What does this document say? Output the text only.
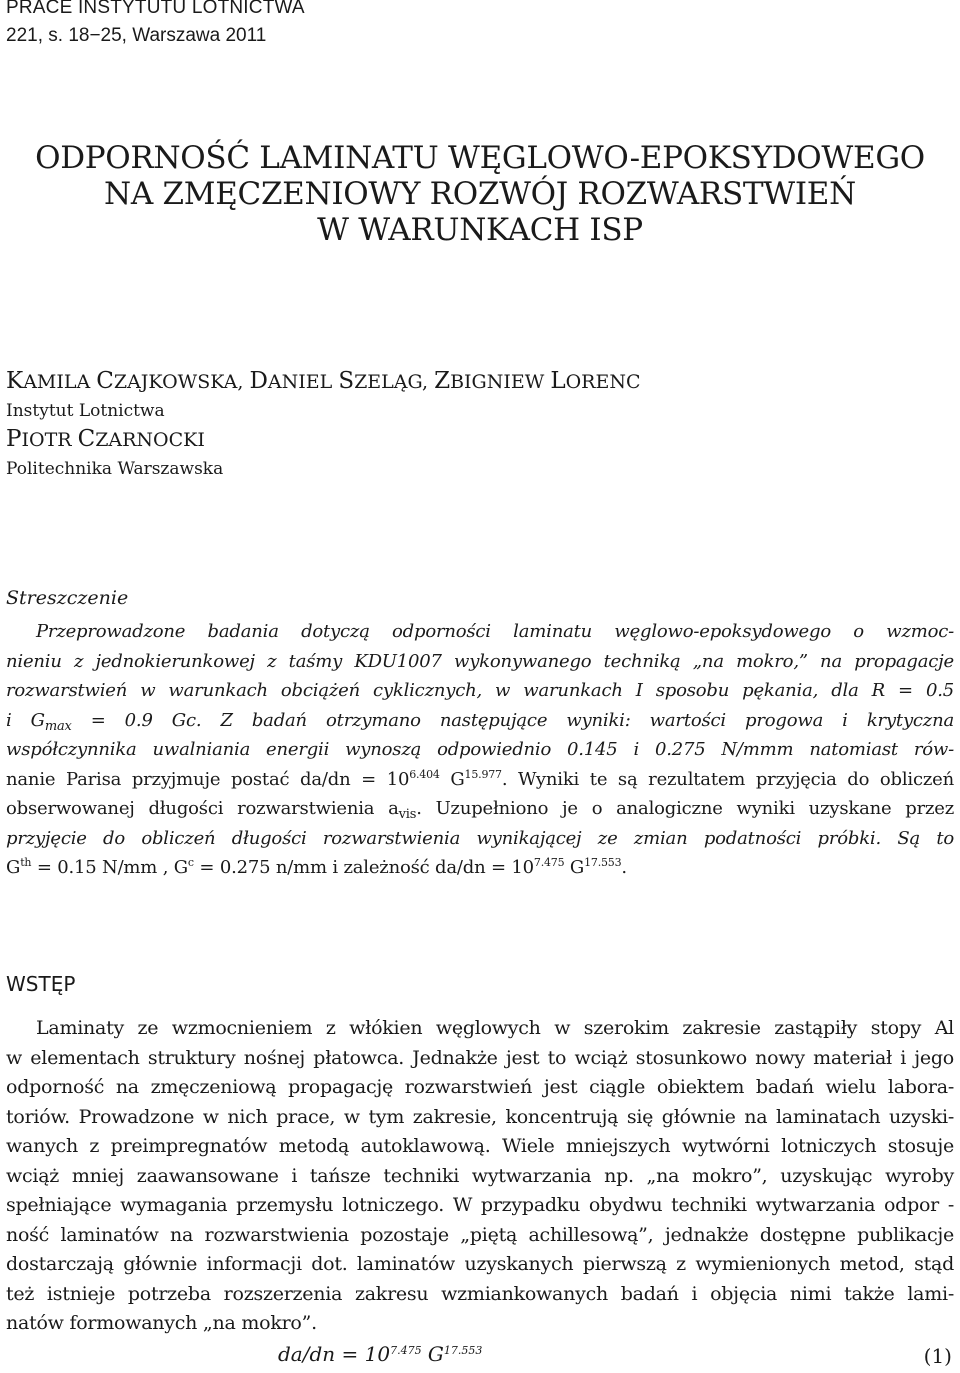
PRACE INSTYTUTU LOTNICTWA
221, s. 18−25, Warszawa 2011
ODPORNOŚĆ LAMINATU WĘGLOWO-EPOKSYDOWEGO
NA ZMĘCZENIOWY ROZWÓJ ROZWARSTWIEŃ
W WARUNKACH ISP
KAMILA CZAJKOWSKA, DANIEL SZELĄG, ZBIGNIEW LORENC
Instytut Lotnictwa
PIOTR CZARNOCKI
Politechnika Warszawska
Streszczenie
Przeprowadzone badania dotyczą odporności laminatu węglowo-epoksydowego o wzmoc-
nieniu z jednokierunkowej z taśmy KDU1007 wykonywanego techniką „na mokro,” na propagacje
rozwarstwień w warunkach obciążeń cyklicznych, w warunkach I sposobu pękania, dla R = 0.5
i $G_{max} = 0.9$ Gc. Z badań otrzymano następujące wyniki: wartości progowa i krytyczna
współczynnika uwalniania energii wynoszą odpowiednio 0.145 i 0.275 N/mmm natomiast rów-
nanie Parisa przyjmuje postać $da/dn = 10^{6.404}$ $G^{15.977}$. Wyniki te są rezultatem przyjęcia do obliczeń
obserwowanej długości rozwarstwienia $a_{vis}$. Uzupełniono je o analogiczne wyniki uzyskane przez
przyjęcie do obliczeń długości rozwarstwienia wynikającej ze zmian podatności próbki. Są to
$G^{th} = 0.15$ N/mm , $G^c = 0.275$ n/mm i zależność $da/dn = 10^{7.475}$ $G^{17.553}$.
WSTĘP
Laminaty ze wzmocnieniem z włókien węglowych w szerokim zakresie zastąpiły stopy Al
w elementach struktury nośnej płatowca. Jednakże jest to wciąż stosunkowo nowy materiał i jego
odporność na zmęczeniową propagację rozwarstwień jest ciągle obiektem badań wielu labora-
toriów. Prowadzone w nich prace, w tym zakresie, koncentrują się głównie na laminatach uzyski-
wanych z preimpregnatów metodą autoklawową. Wiele mniejszych wytwórni lotniczych stosuje
wciąż mniej zaawansowane i tańsze techniki wytwarzania np. „na mokro”, uzyskując wyroby
spełniające wymagania przemysłu lotniczego. W przypadku obydwu techniki wytwarzania odpor -
ność laminatów na rozwarstwienia pozostaje „piętą achillesową”, jednakże dostępne publikacje
dostarczają głównie informacji dot. laminatów uzyskanych pierwszą z wymienionych metod, stąd
też istnieje potrzeba rozszerzenia zakresu wzmiankowanych badań i objęcia nimi także lami-
natów formowanych „na mokro”.
$da/dn = 10^{7.475}$ $G^{17.553}$	(1)
